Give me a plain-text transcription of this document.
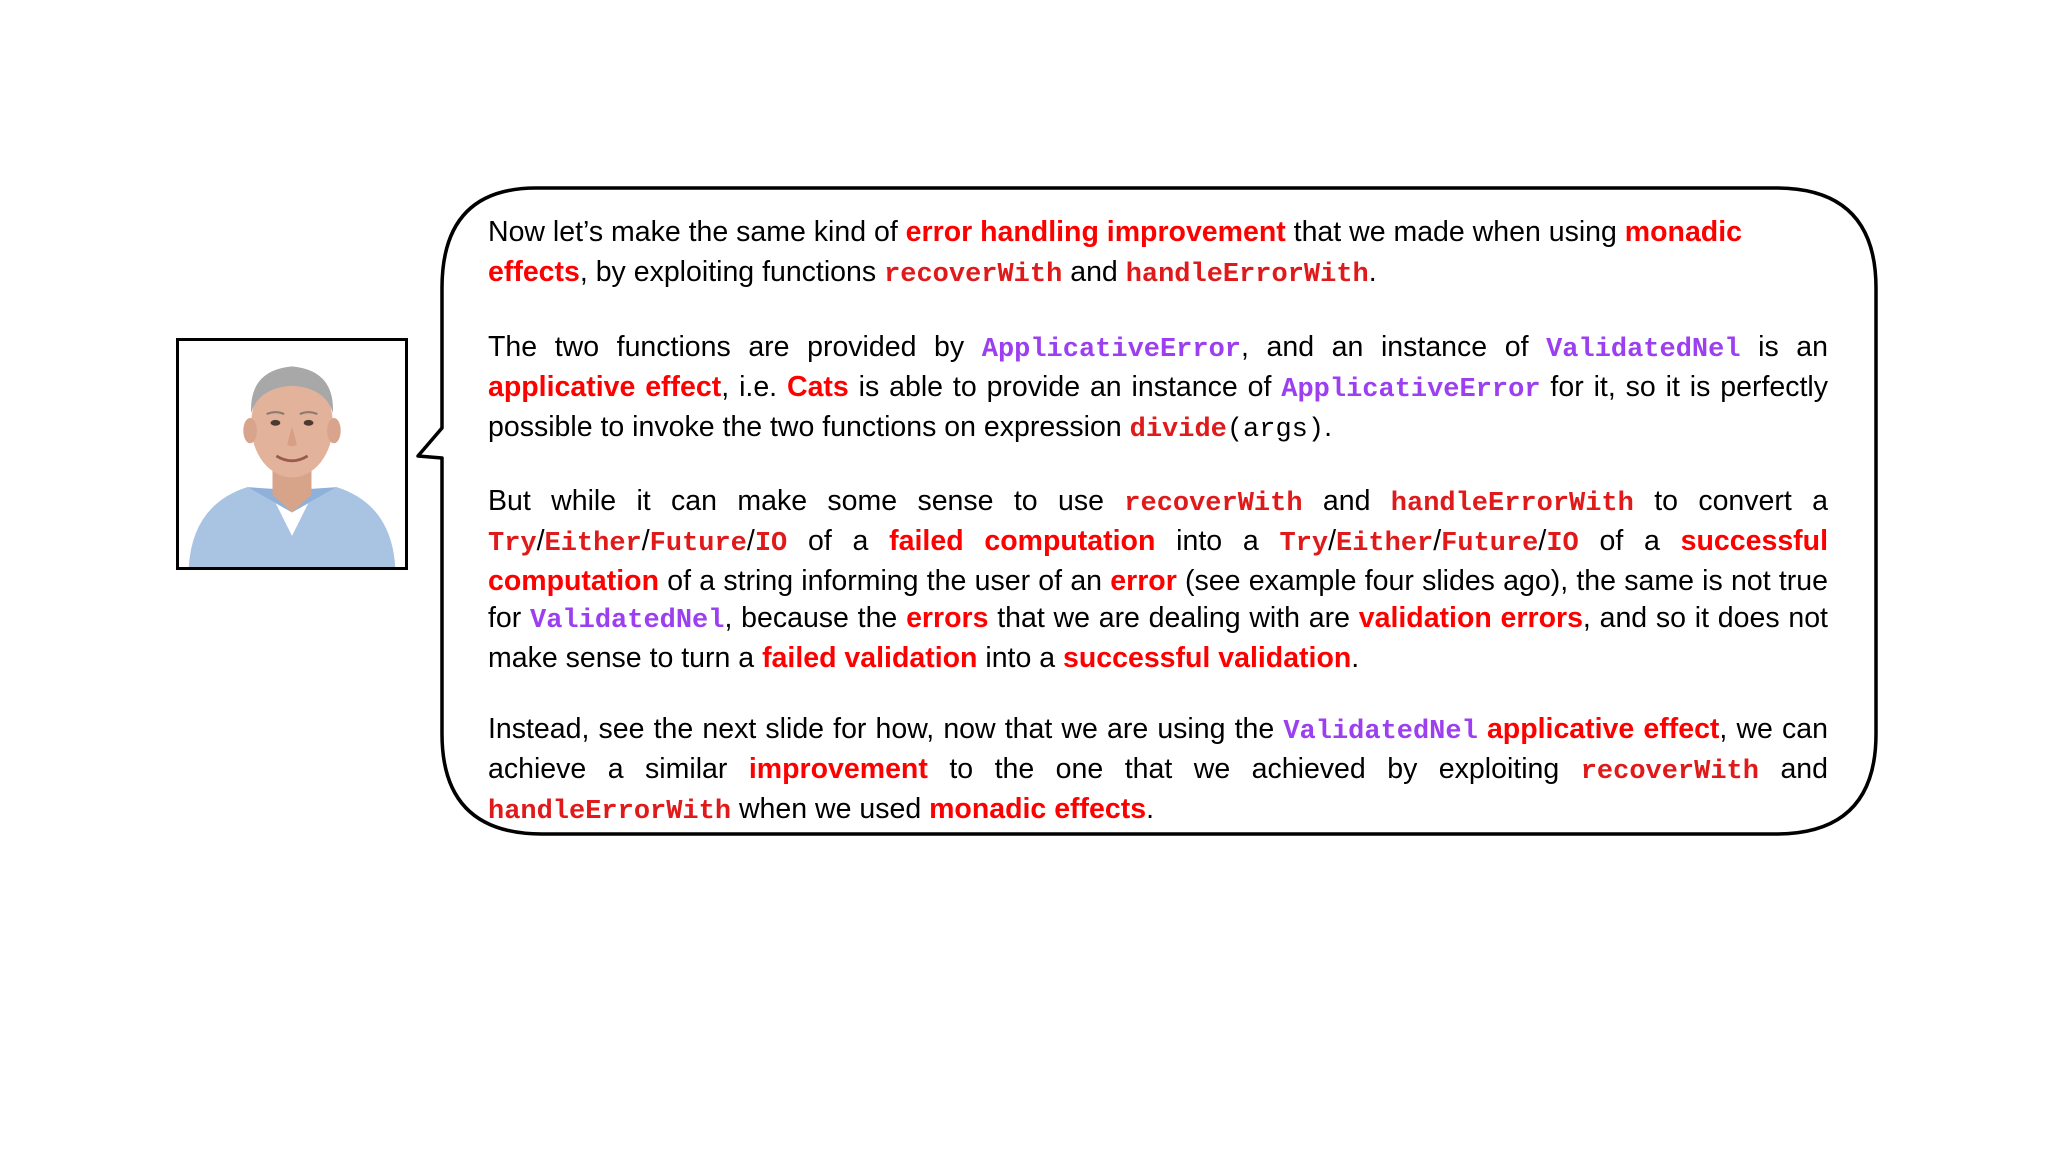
Now let’s make the same kind of error handling improvement that we made when using monadic effects, by exploiting functions recoverWith and handleErrorWith.

The two functions are provided by ApplicativeError, and an instance of ValidatedNel is an applicative effect, i.e. Cats is able to provide an instance of ApplicativeError for it, so it is perfectly possible to invoke the two functions on expression divide(args).

But while it can make some sense to use recoverWith and handleErrorWith to convert a Try/Either/Future/IO of a failed computation into a Try/Either/Future/IO of a successful computation of a string informing the user of an error (see example four slides ago), the same is not true for ValidatedNel, because the errors that we are dealing with are validation errors, and so it does not make sense to turn a failed validation into a successful validation.

Instead, see the next slide for how, now that we are using the ValidatedNel applicative effect, we can achieve a similar improvement to the one that we achieved by exploiting recoverWith and handleErrorWith when we used monadic effects.
